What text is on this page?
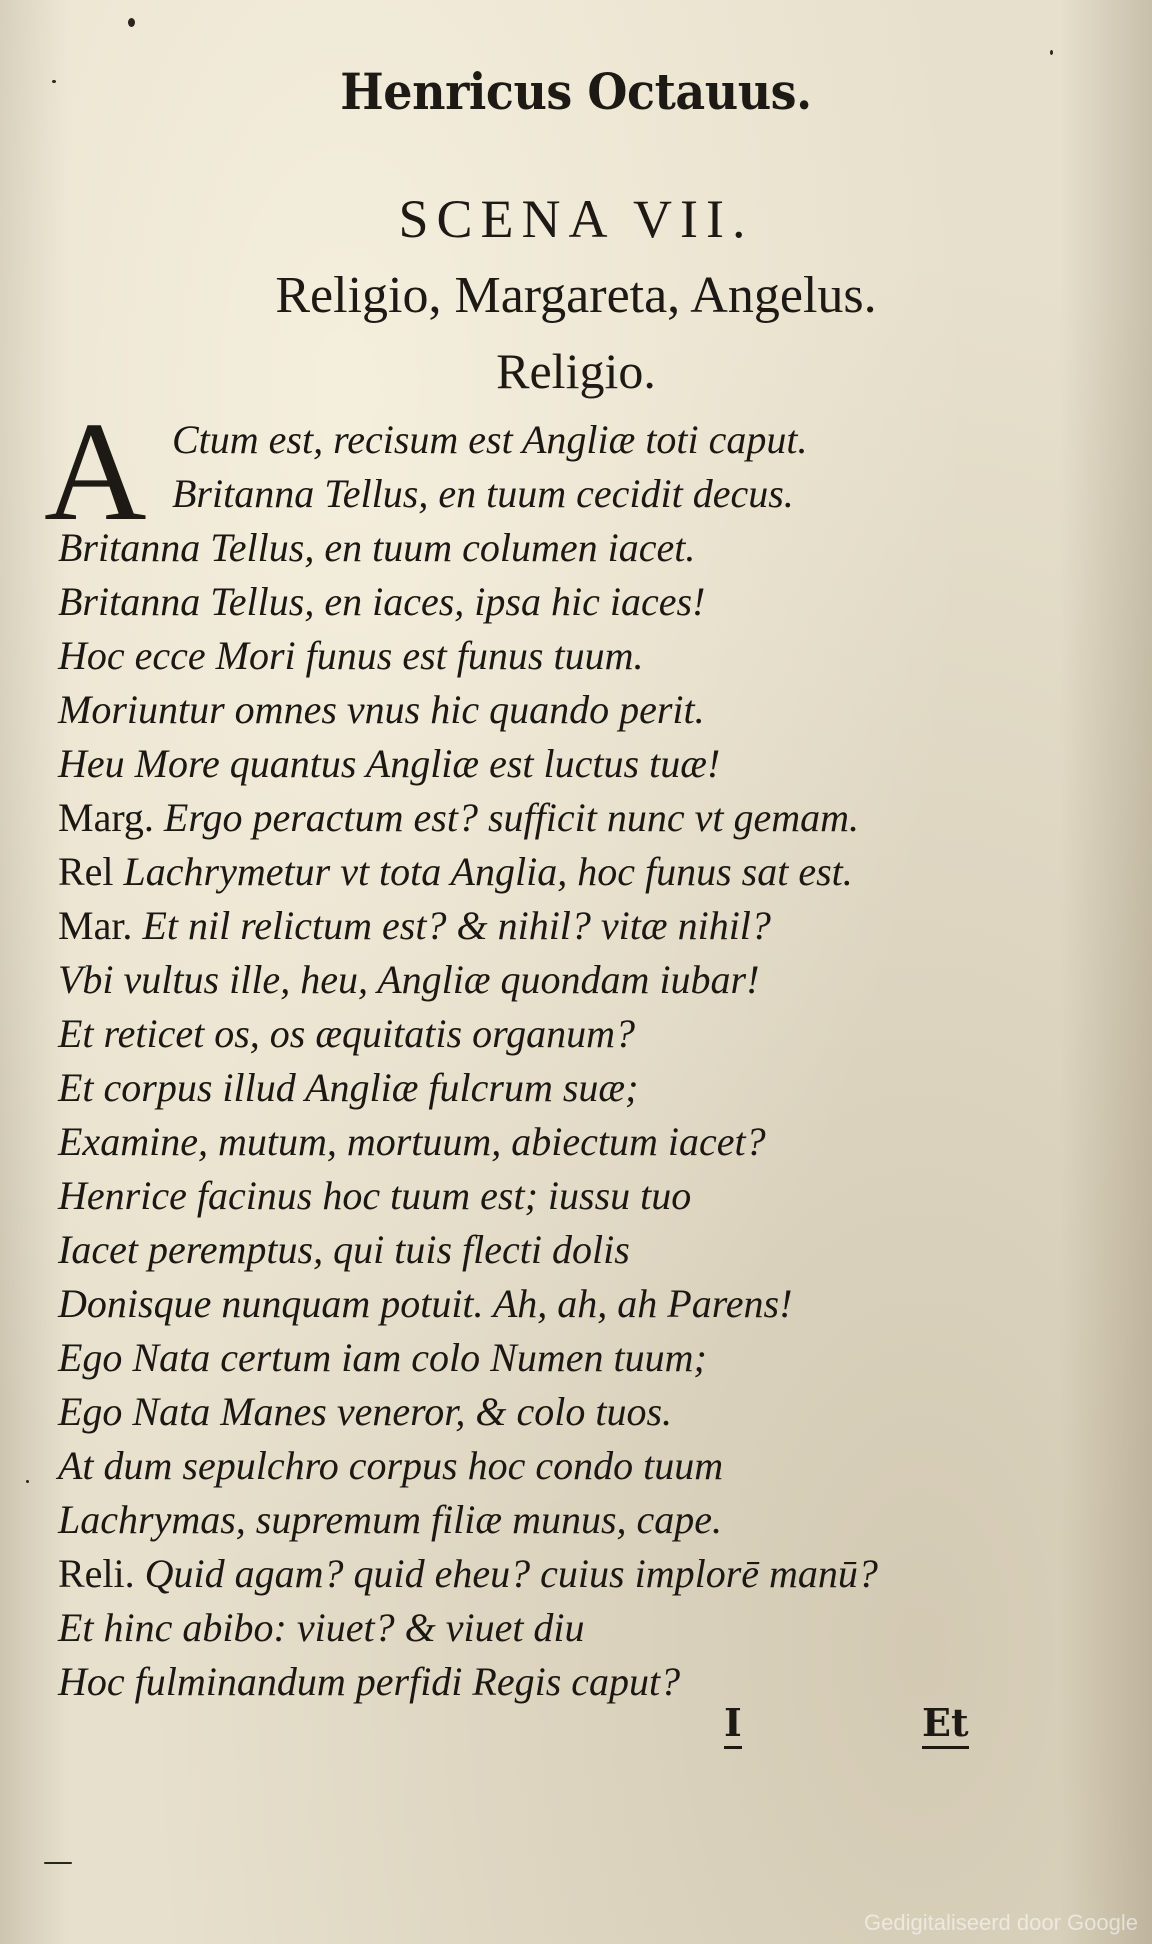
Henricus Octauus.
SCENA VII.
Religio, Margareta, Angelus.
Religio.
A Ctum est, recisum est Angliæ toti caput.
Britanna Tellus, en tuum cecidit decus.
Britanna Tellus, en tuum columen iacet.
Britanna Tellus, en iaces, ipsa hic iaces!
Hoc ecce Mori funus est funus tuum.
Moriuntur omnes vnus hic quando perit.
Heu More quantus Angliæ est luctus tuæ!
Marg. Ergo peractum est? sufficit nunc vt gemam.
Rel Lachrymetur vt tota Anglia, hoc funus sat est.
Mar. Et nil relictum est? & nihil? vitæ nihil?
Vbi vultus ille, heu, Angliæ quondam iubar!
Et reticet os, os æquitatis organum?
Et corpus illud Angliæ fulcrum suæ;
Examine, mutum, mortuum, abiectum iacet?
Henrice facinus hoc tuum est; iussu tuo
Iacet peremptus, qui tuis flecti dolis
Donisque nunquam potuit. Ah, ah, ah Parens!
Ego Nata certum iam colo Numen tuum;
Ego Nata Manes veneror, & colo tuos.
At dum sepulchro corpus hoc condo tuum
Lachrymas, supremum filiæ munus, cape.
Reli. Quid agam? quid eheu? cuius implorē manū?
Et hinc abibo: viuet? & viuet diu
Hoc fulminandum perfidi Regis caput?
I	Et
Gedigitaliseerd door Google
